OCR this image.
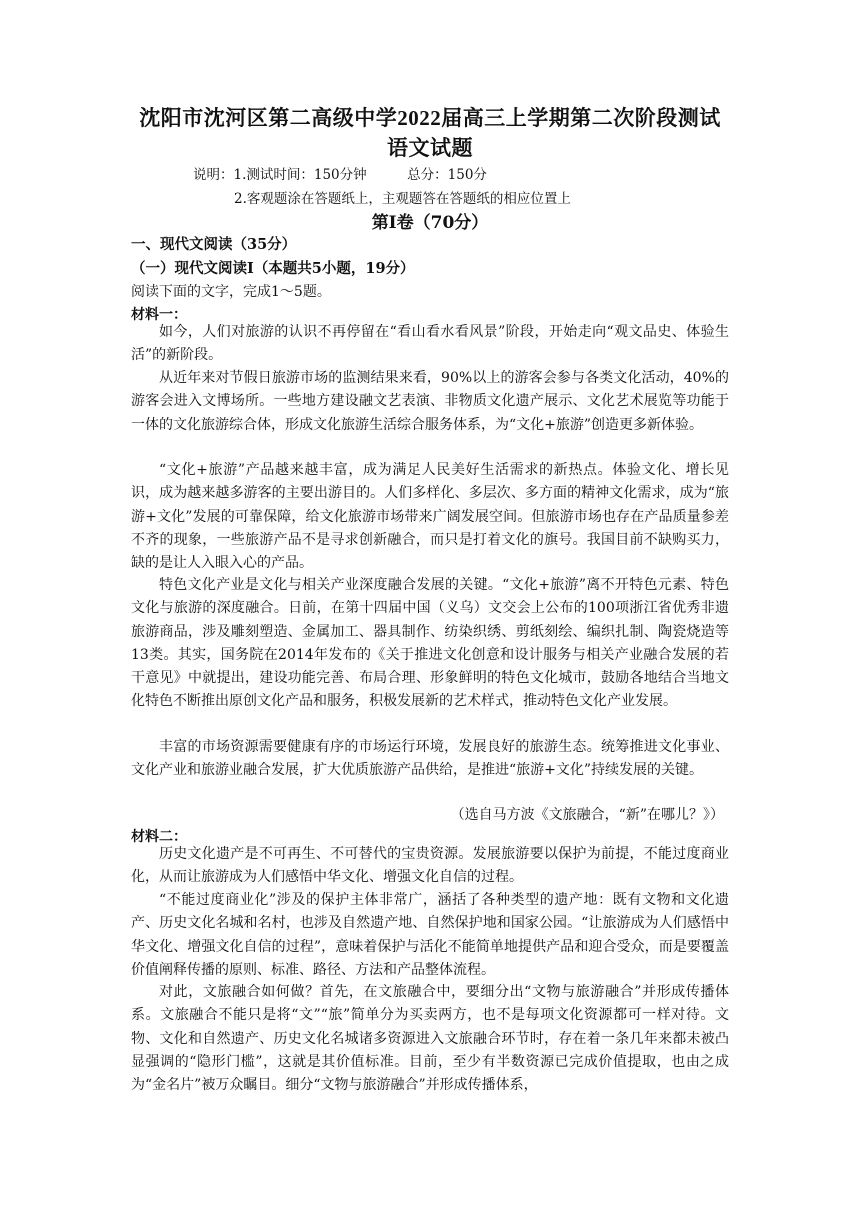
沈阳市沈河区第二高级中学2022届高三上学期第二次阶段测试
语文试题
说明：1.测试时间：150分钟　　　总分：150分
2.客观题涂在答题纸上，主观题答在答题纸的相应位置上
第Ⅰ卷（70分）
一、现代文阅读（35分）
（一）现代文阅读Ⅰ（本题共5小题，19分）
阅读下面的文字，完成1～5题。
材料一：

如今，人们对旅游的认识不再停留在“看山看水看风景”阶段，开始走向“观文品史、体验生活”的新阶段。

从近年来对节假日旅游市场的监测结果来看，90%以上的游客会参与各类文化活动，40%的游客会进入文博场所。一些地方建设融文艺表演、非物质文化遗产展示、文化艺术展览等功能于一体的文化旅游综合体，形成文化旅游生活综合服务体系，为“文化+旅游”创造更多新体验。

“文化+旅游”产品越来越丰富，成为满足人民美好生活需求的新热点。体验文化、增长见识，成为越来越多游客的主要出游目的。人们多样化、多层次、多方面的精神文化需求，成为“旅游+文化”发展的可靠保障，给文化旅游市场带来广阔发展空间。但旅游市场也存在产品质量参差不齐的现象，一些旅游产品不是寻求创新融合，而只是打着文化的旗号。我国目前不缺购买力，缺的是让人入眼入心的产品。

特色文化产业是文化与相关产业深度融合发展的关键。“文化+旅游”离不开特色元素、特色文化与旅游的深度融合。日前，在第十四届中国（义乌）文交会上公布的100项浙江省优秀非遗旅游商品，涉及雕刻塑造、金属加工、器具制作、纺染织绣、剪纸刻绘、编织扎制、陶瓷烧造等13类。其实，国务院在2014年发布的《关于推进文化创意和设计服务与相关产业融合发展的若干意见》中就提出，建设功能完善、布局合理、形象鲜明的特色文化城市，鼓励各地结合当地文化特色不断推出原创文化产品和服务，积极发展新的艺术样式，推动特色文化产业发展。

丰富的市场资源需要健康有序的市场运行环境，发展良好的旅游生态。统筹推进文化事业、文化产业和旅游业融合发展，扩大优质旅游产品供给，是推进“旅游+文化”持续发展的关键。

（选自马方波《文旅融合，“新”在哪儿？》）
材料二：

历史文化遗产是不可再生、不可替代的宝贵资源。发展旅游要以保护为前提，不能过度商业化，从而让旅游成为人们感悟中华文化、增强文化自信的过程。

“不能过度商业化”涉及的保护主体非常广，涵括了各种类型的遗产地：既有文物和文化遗产、历史文化名城和名村，也涉及自然遗产地、自然保护地和国家公园。“让旅游成为人们感悟中华文化、增强文化自信的过程”，意味着保护与活化不能简单地提供产品和迎合受众，而是要覆盖价值阐释传播的原则、标准、路径、方法和产品整体流程。

对此，文旅融合如何做？首先，在文旅融合中，要细分出“文物与旅游融合”并形成传播体系。文旅融合不能只是将“文”“旅”简单分为买卖两方，也不是每项文化资源都可一样对待。文物、文化和自然遗产、历史文化名城诸多资源进入文旅融合环节时，存在着一条几年来都未被凸显强调的“隐形门槛”，这就是其价值标准。目前，至少有半数资源已完成价值提取，也由之成为“金名片”被万众瞩目。细分“文物与旅游融合”并形成传播体系，
